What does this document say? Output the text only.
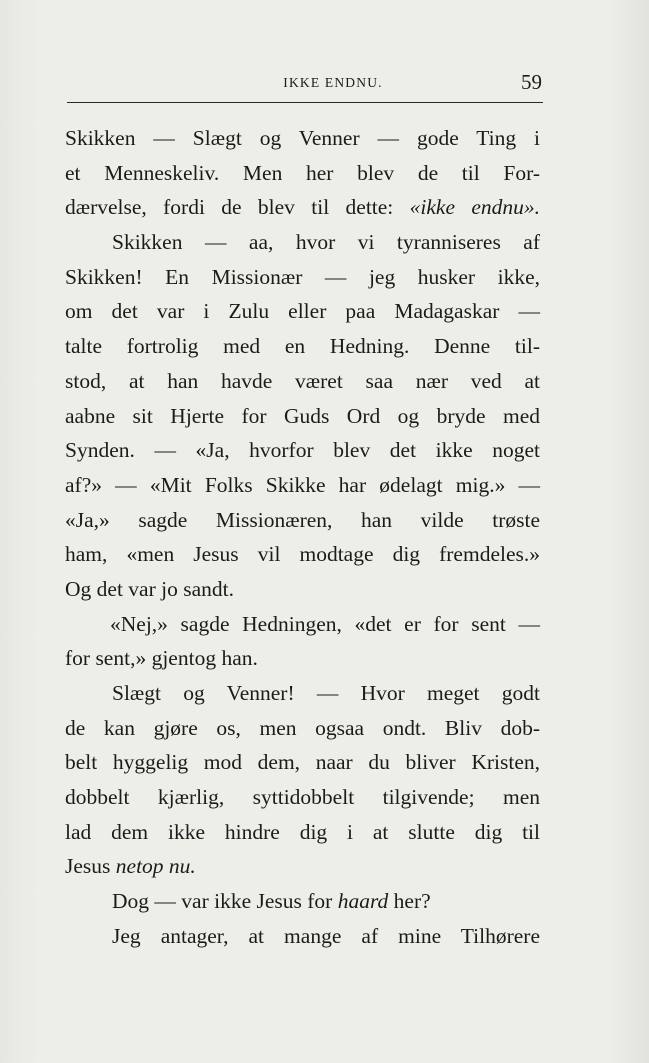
IKKE ENDNU.	59
Skikken — Slægt og Venner — gode Ting i
et Menneskeliv. Men her blev de til For-
dærvelse, fordi de blev til dette: «ikke endnu».
Skikken — aa, hvor vi tyranniseres af
Skikken! En Missionær — jeg husker ikke,
om det var i Zulu eller paa Madagaskar —
talte fortrolig med en Hedning. Denne til-
stod, at han havde været saa nær ved at
aabne sit Hjerte for Guds Ord og bryde med
Synden. — «Ja, hvorfor blev det ikke noget
af?» — «Mit Folks Skikke har ødelagt mig.» —
«Ja,» sagde Missionæren, han vilde trøste
ham, «men Jesus vil modtage dig fremdeles.»
Og det var jo sandt.
«Nej,» sagde Hedningen, «det er for sent —
for sent,» gjentog han.
Slægt og Venner! — Hvor meget godt
de kan gjøre os, men ogsaa ondt. Bliv dob-
belt hyggelig mod dem, naar du bliver Kristen,
dobbelt kjærlig, syttidobbelt tilgivende; men
lad dem ikke hindre dig i at slutte dig til
Jesus netop nu.
Dog — var ikke Jesus for haard her?
Jeg antager, at mange af mine Tilhørere
